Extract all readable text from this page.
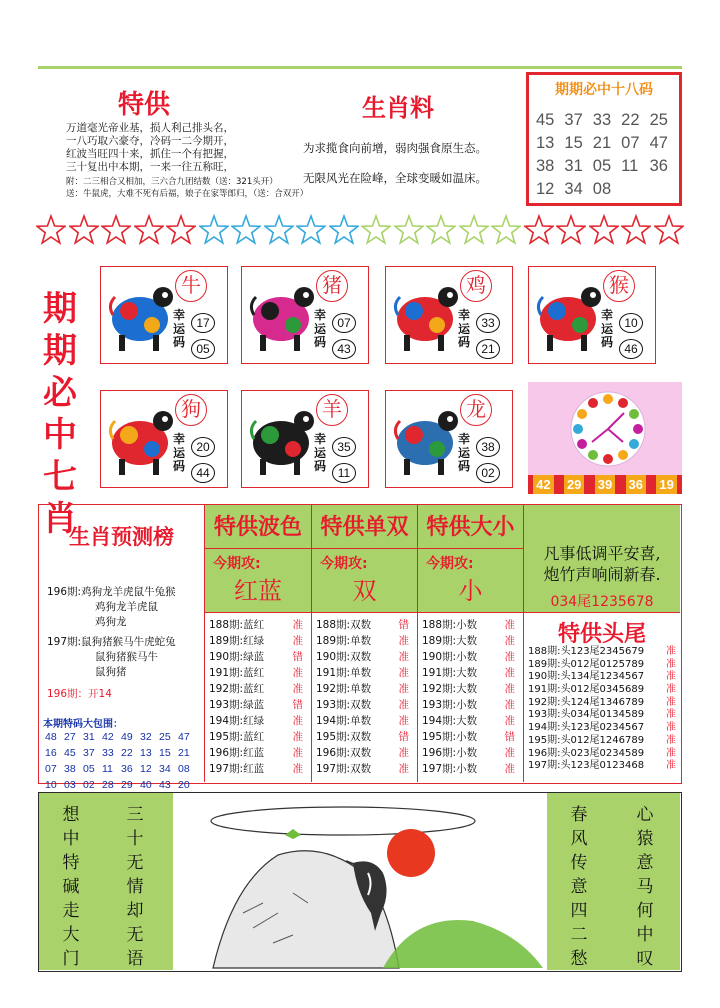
特供
万道毫光帝业基，损人利己排头名，
一八巧取六豪夺，冷码一二今期开，
红波当旺四十来，抓住一个有把握，
三十复出中本期，一来一往五称旺，
附：二三相合又相加，三六合九团结数（送：321头开）
送：牛鼠虎，大难不死有后福，娘子在家等郎归，（送：合双开）
生肖料
为求揽食向前增，弱肉强食原生态。
无限风光在险峰，全球变暖如温床。
期期必中十八码
45 37 33 22 25
13 15 21 07 47
38 31 05 11 36
12 34 08
期
期
必
中
七
肖
牛
幸
运
码
17
05
猪
幸
运
码
07
43
鸡
幸
运
码
33
21
猴
幸
运
码
10
46
狗
幸
运
码
20
44
羊
幸
运
码
35
11
龙
幸
运
码
38
02
42 29 39 36 19
生肖预测榜
196期:鸡狗龙羊虎鼠牛兔猴
鸡狗龙羊虎鼠
鸡狗龙
197期:鼠狗猪猴马牛虎蛇兔
鼠狗猪猴马牛
鼠狗猪
196期：开14
本期特码大包围：
48 27 31 42 49 32 25 47
16 45 37 33 22 13 15 21
07 38 05 11 36 12 34 08
10 03 02 28 29 40 43 20
特供波色
今期攻:
红蓝
188期:蓝红	准
189期:红绿	准
190期:绿蓝	错
191期:蓝红	准
192期:蓝红	准
193期:绿蓝	错
194期:红绿	准
195期:蓝红	准
196期:红蓝	准
197期:红蓝	准
特供单双
今期攻:
双
188期:双数	错
189期:单数	准
190期:双数	准
191期:单数	准
192期:单数	准
193期:双数	准
194期:单数	准
195期:双数	错
196期:双数	准
197期:双数	准
特供大小
今期攻:
小
188期:小数	准
189期:大数	准
190期:小数	准
191期:大数	准
192期:大数	准
193期:小数	准
194期:大数	准
195期:小数	错
196期:小数	准
197期:小数	准
凡事低调平安喜,
炮竹声响闹新春.
034尾1235678
特供头尾
188期:头123尾2345679 准
189期:头012尾0125789 准
190期:头134尾1234567 准
191期:头012尾0345689 准
192期:头124尾1346789 准
193期:头034尾0134589 准
194期:头123尾0234567 准
195期:头012尾1246789 准
196期:头023尾0234589 准
197期:头123尾0123468 准
想
中
特
碱
走
大
门
三
十
无
情
却
无
语
春
风
传
意
四
二
愁
心
猿
意
马
何
中
叹
